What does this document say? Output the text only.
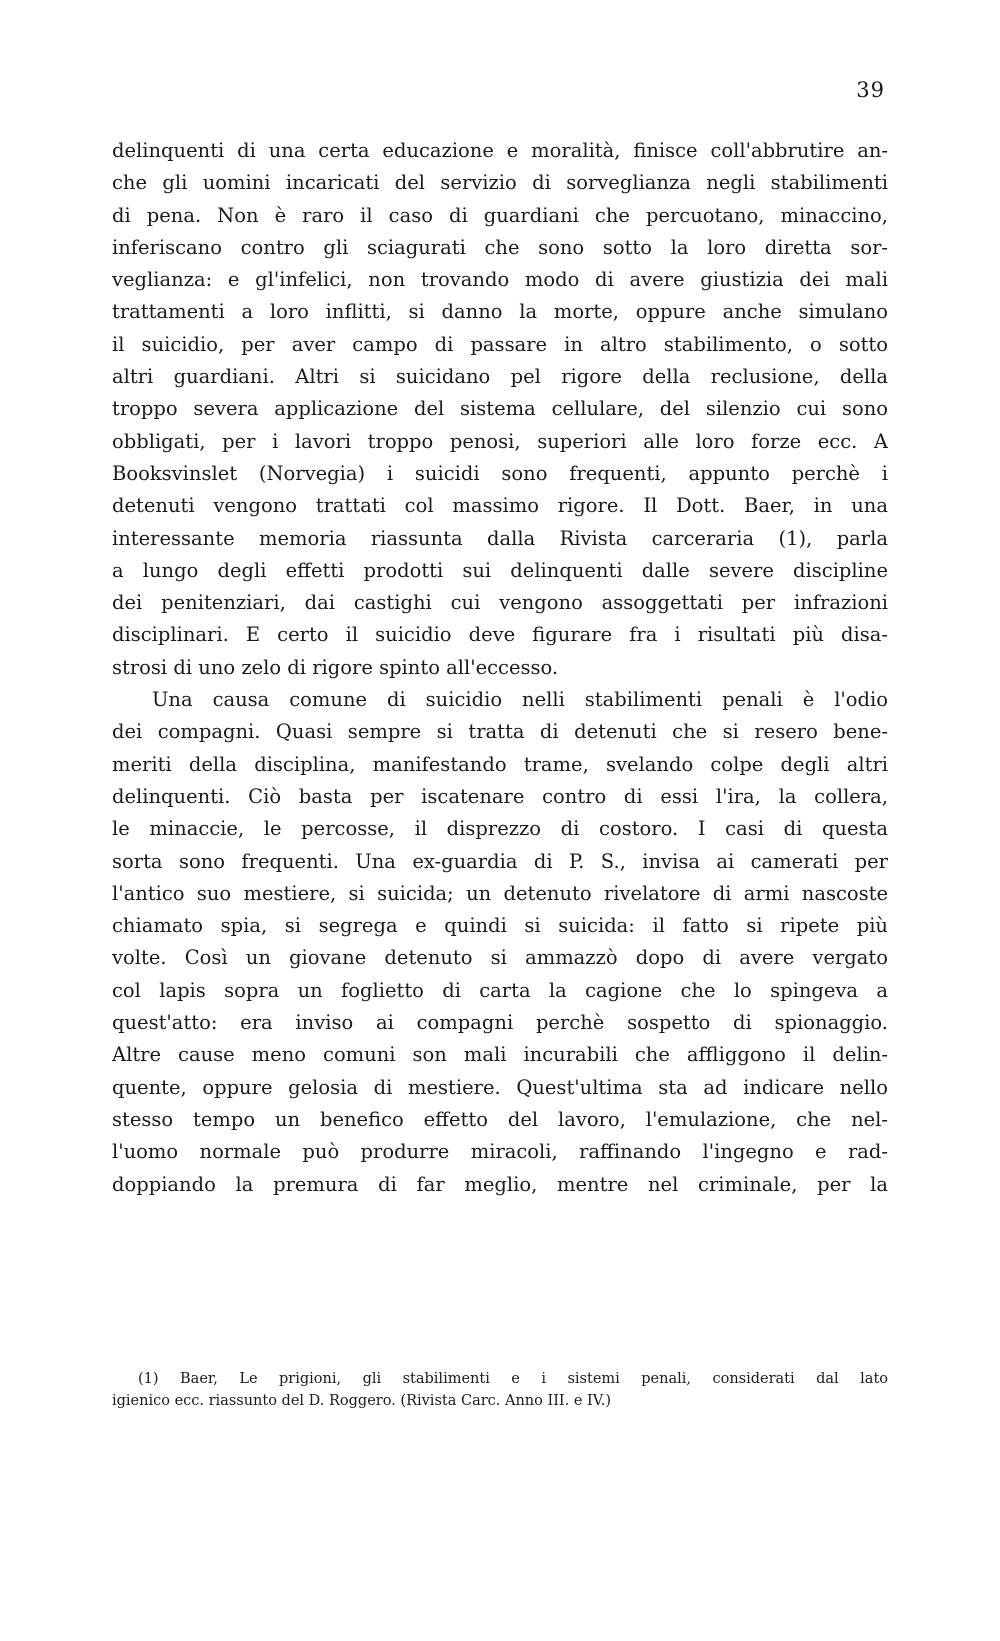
39
delinquenti di una certa educazione e moralità, finisce coll'abbrutire an-
che gli uomini incaricati del servizio di sorveglianza negli stabilimenti
di pena. Non è raro il caso di guardiani che percuotano, minaccino,
inferiscano contro gli sciagurati che sono sotto la loro diretta sor-
veglianza: e gl'infelici, non trovando modo di avere giustizia dei mali
trattamenti a loro inflitti, si danno la morte, oppure anche simulano
il suicidio, per aver campo di passare in altro stabilimento, o sotto
altri guardiani. Altri si suicidano pel rigore della reclusione, della
troppo severa applicazione del sistema cellulare, del silenzio cui sono
obbligati, per i lavori troppo penosi, superiori alle loro forze ecc. A
Booksvinslet (Norvegia) i suicidi sono frequenti, appunto perchè i
detenuti vengono trattati col massimo rigore. Il Dott. Baer, in una
interessante memoria riassunta dalla Rivista carceraria (1), parla
a lungo degli effetti prodotti sui delinquenti dalle severe discipline
dei penitenziari, dai castighi cui vengono assoggettati per infrazioni
disciplinari. E certo il suicidio deve figurare fra i risultati più disa-
strosi di uno zelo di rigore spinto all'eccesso.
Una causa comune di suicidio nelli stabilimenti penali è l'odio
dei compagni. Quasi sempre si tratta di detenuti che si resero bene-
meriti della disciplina, manifestando trame, svelando colpe degli altri
delinquenti. Ciò basta per iscatenare contro di essi l'ira, la collera,
le minaccie, le percosse, il disprezzo di costoro. I casi di questa
sorta sono frequenti. Una ex-guardia di P. S., invisa ai camerati per
l'antico suo mestiere, si suicida; un detenuto rivelatore di armi nascoste
chiamato spia, si segrega e quindi si suicida: il fatto si ripete più
volte. Così un giovane detenuto si ammazzò dopo di avere vergato
col lapis sopra un foglietto di carta la cagione che lo spingeva a
quest'atto: era inviso ai compagni perchè sospetto di spionaggio.
Altre cause meno comuni son mali incurabili che affliggono il delin-
quente, oppure gelosia di mestiere. Quest'ultima sta ad indicare nello
stesso tempo un benefico effetto del lavoro, l'emulazione, che nel-
l'uomo normale può produrre miracoli, raffinando l'ingegno e rad-
doppiando la premura di far meglio, mentre nel criminale, per la
(1) Baer, Le prigioni, gli stabilimenti e i sistemi penali, considerati dal lato
igienico ecc. riassunto del D. Roggero. (Rivista Carc. Anno III. e IV.)
